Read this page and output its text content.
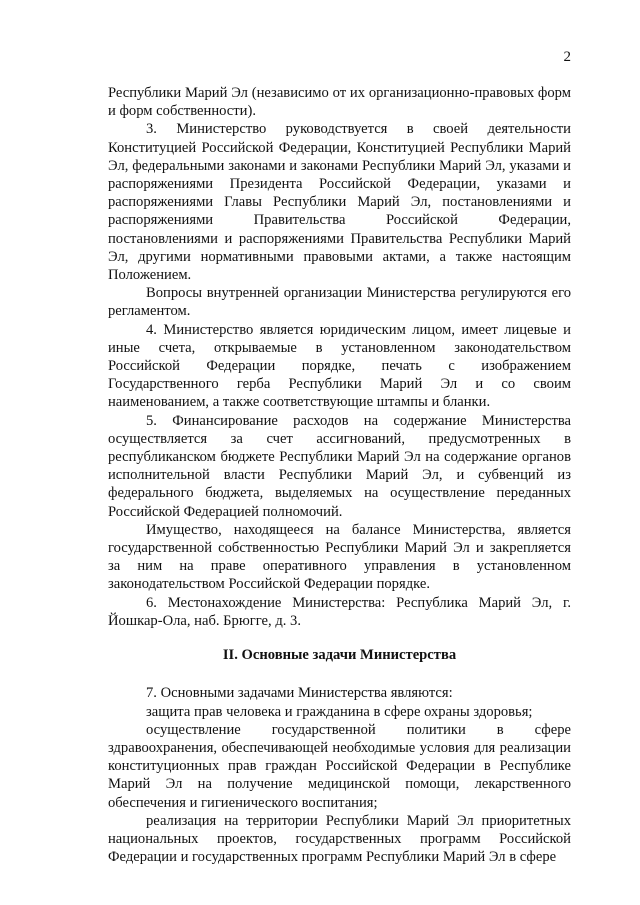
2

Республики Марий Эл (независимо от их организационно-правовых форм и форм собственности).

3. Министерство руководствуется в своей деятельности Конституцией Российской Федерации, Конституцией Республики Марий Эл, федеральными законами и законами Республики Марий Эл, указами и распоряжениями Президента Российской Федерации, указами и распоряжениями Главы Республики Марий Эл, постановлениями и распоряжениями Правительства Российской Федерации, постановлениями и распоряжениями Правительства Республики Марий Эл, другими нормативными правовыми актами, а также настоящим Положением.

Вопросы внутренней организации Министерства регулируются его регламентом.

4. Министерство является юридическим лицом, имеет лицевые и иные счета, открываемые в установленном законодательством Российской Федерации порядке, печать с изображением Государственного герба Республики Марий Эл и со своим наименованием, а также соответствующие штампы и бланки.

5. Финансирование расходов на содержание Министерства осуществляется за счет ассигнований, предусмотренных в республиканском бюджете Республики Марий Эл на содержание органов исполнительной власти Республики Марий Эл, и субвенций из федерального бюджета, выделяемых на осуществление переданных Российской Федерацией полномочий.

Имущество, находящееся на балансе Министерства, является государственной собственностью Республики Марий Эл и закрепляется за ним на праве оперативного управления в установленном законодательством Российской Федерации порядке.

6. Местонахождение Министерства: Республика Марий Эл, г. Йошкар-Ола, наб. Брюгге, д. 3.

II. Основные задачи Министерства

7. Основными задачами Министерства являются:

защита прав человека и гражданина в сфере охраны здоровья;

осуществление государственной политики в сфере здравоохранения, обеспечивающей необходимые условия для реализации конституционных прав граждан Российской Федерации в Республике Марий Эл на получение медицинской помощи, лекарственного обеспечения и гигиенического воспитания;

реализация на территории Республики Марий Эл приоритетных национальных проектов, государственных программ Российской Федерации и государственных программ Республики Марий Эл в сфере
